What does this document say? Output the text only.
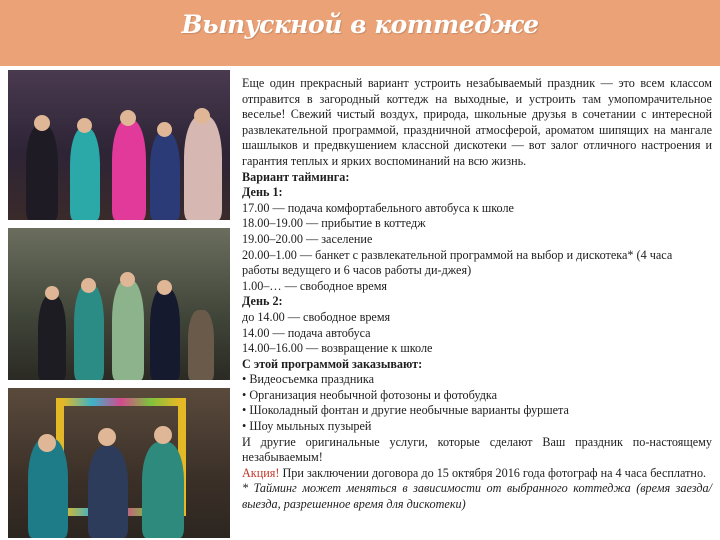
Выпускной в коттедже

Еще один прекрасный вариант устроить незабываемый праздник — это всем классом отправится в загородный коттедж на выходные, и устроить там умопомрачительное веселье! Свежий чистый воздух, природа, школьные друзья в сочетании с интересной развлекательной программой, праздничной атмосферой, ароматом шипящих на мангале шашлыков и предвкушением классной дискотеки — вот залог отличного настроения и гарантия теплых и ярких воспоминаний на всю жизнь.

Вариант тайминга:

День 1:

17.00 — подача комфортабельного автобуса к школе

18.00–19.00 — прибытие в коттедж

19.00–20.00 — заселение

20.00–1.00 — банкет с развлекательной программой на выбор и дискотека* (4 часа работы ведущего и 6 часов работы ди-джея)

1.00–… — свободное время

День 2:

до 14.00 — свободное время

14.00 — подача автобуса

14.00–16.00 — возвращение к школе

С этой программой заказывают:

• Видеосъемка праздника

• Организация необычной фотозоны и фотобудка

• Шоколадный фонтан и другие необычные варианты фуршета

• Шоу мыльных пузырей

И другие оригинальные услуги, которые сделают Ваш праздник по-настоящему незабываемым!

Акция! При заключении договора до 15 октября 2016 года фотограф на 4 часа бесплатно.

* Тайминг может меняться в зависимости от выбранного коттеджа (время заезда/выезда, разрешенное время для дискотеки)
